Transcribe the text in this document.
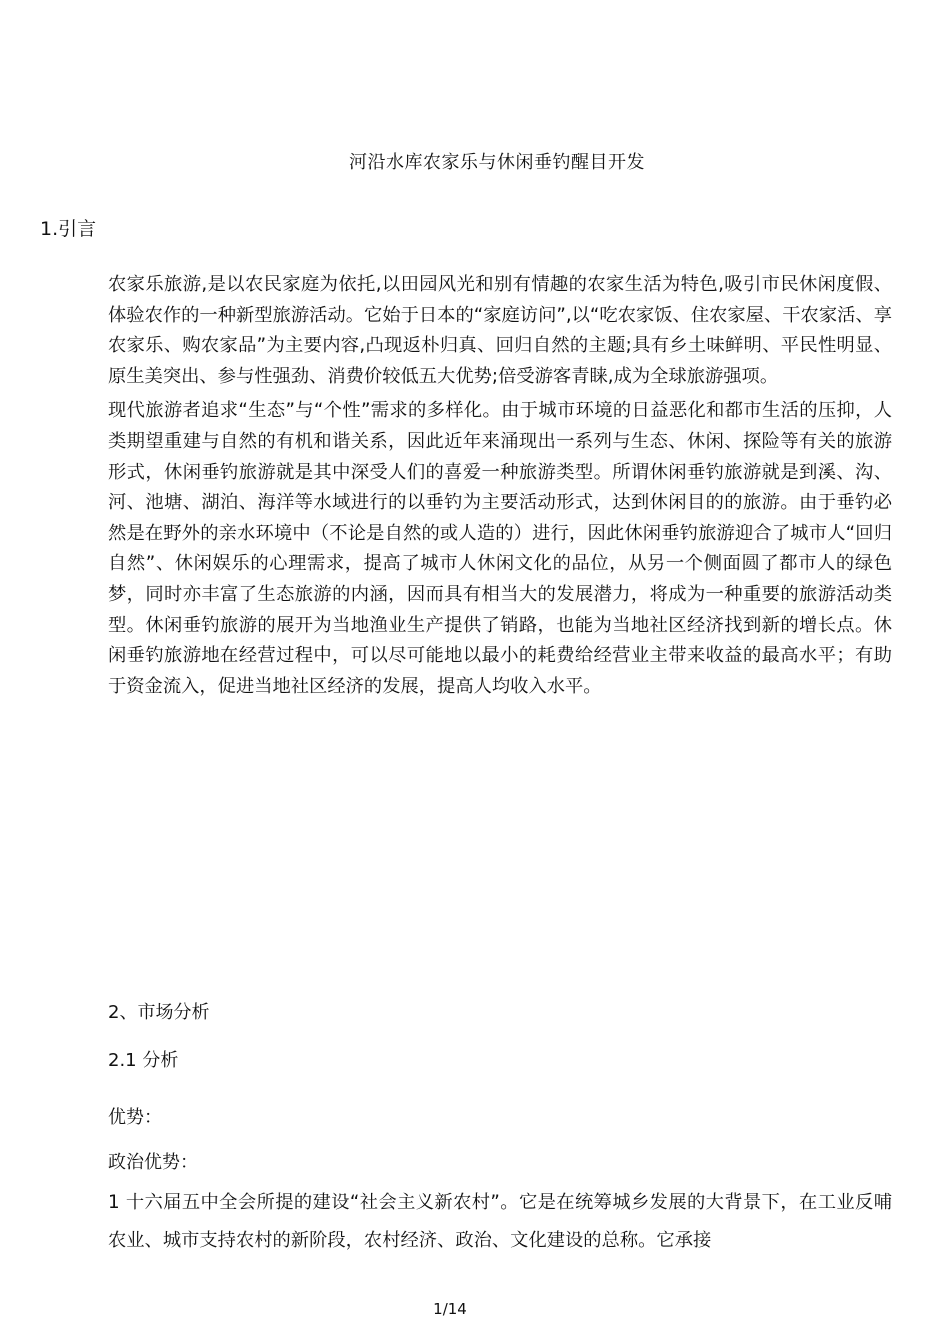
河沿水库农家乐与休闲垂钓醒目开发
1.引言

农家乐旅游,是以农民家庭为依托,以田园风光和别有情趣的农家生活为特色,吸引市民休闲度假、体验农作的一种新型旅游活动。它始于日本的“家庭访问”,以“吃农家饭、住农家屋、干农家活、享农家乐、购农家品”为主要内容,凸现返朴归真、回归自然的主题;具有乡土味鲜明、平民性明显、原生美突出、参与性强劲、消费价较低五大优势;倍受游客青睐,成为全球旅游强项。

现代旅游者追求“生态”与“个性”需求的多样化。由于城市环境的日益恶化和都市生活的压抑，人类期望重建与自然的有机和谐关系，因此近年来涌现出一系列与生态、休闲、探险等有关的旅游形式，休闲垂钓旅游就是其中深受人们的喜爱一种旅游类型。所谓休闲垂钓旅游就是到溪、沟、河、池塘、湖泊、海洋等水域进行的以垂钓为主要活动形式，达到休闲目的的旅游。由于垂钓必然是在野外的亲水环境中（不论是自然的或人造的）进行，因此休闲垂钓旅游迎合了城市人“回归自然”、休闲娱乐的心理需求，提高了城市人休闲文化的品位，从另一个侧面圆了都市人的绿色梦，同时亦丰富了生态旅游的内涵，因而具有相当大的发展潜力，将成为一种重要的旅游活动类型。休闲垂钓旅游的展开为当地渔业生产提供了销路，也能为当地社区经济找到新的增长点。休闲垂钓旅游地在经营过程中，可以尽可能地以最小的耗费给经营业主带来收益的最高水平；有助于资金流入，促进当地社区经济的发展，提高人均收入水平。

2、市场分析
2.1 分析
优势：
政治优势：

1 十六届五中全会所提的建设“社会主义新农村”。它是在统筹城乡发展的大背景下，在工业反哺农业、城市支持农村的新阶段，农村经济、政治、文化建设的总称。它承接

1/14
